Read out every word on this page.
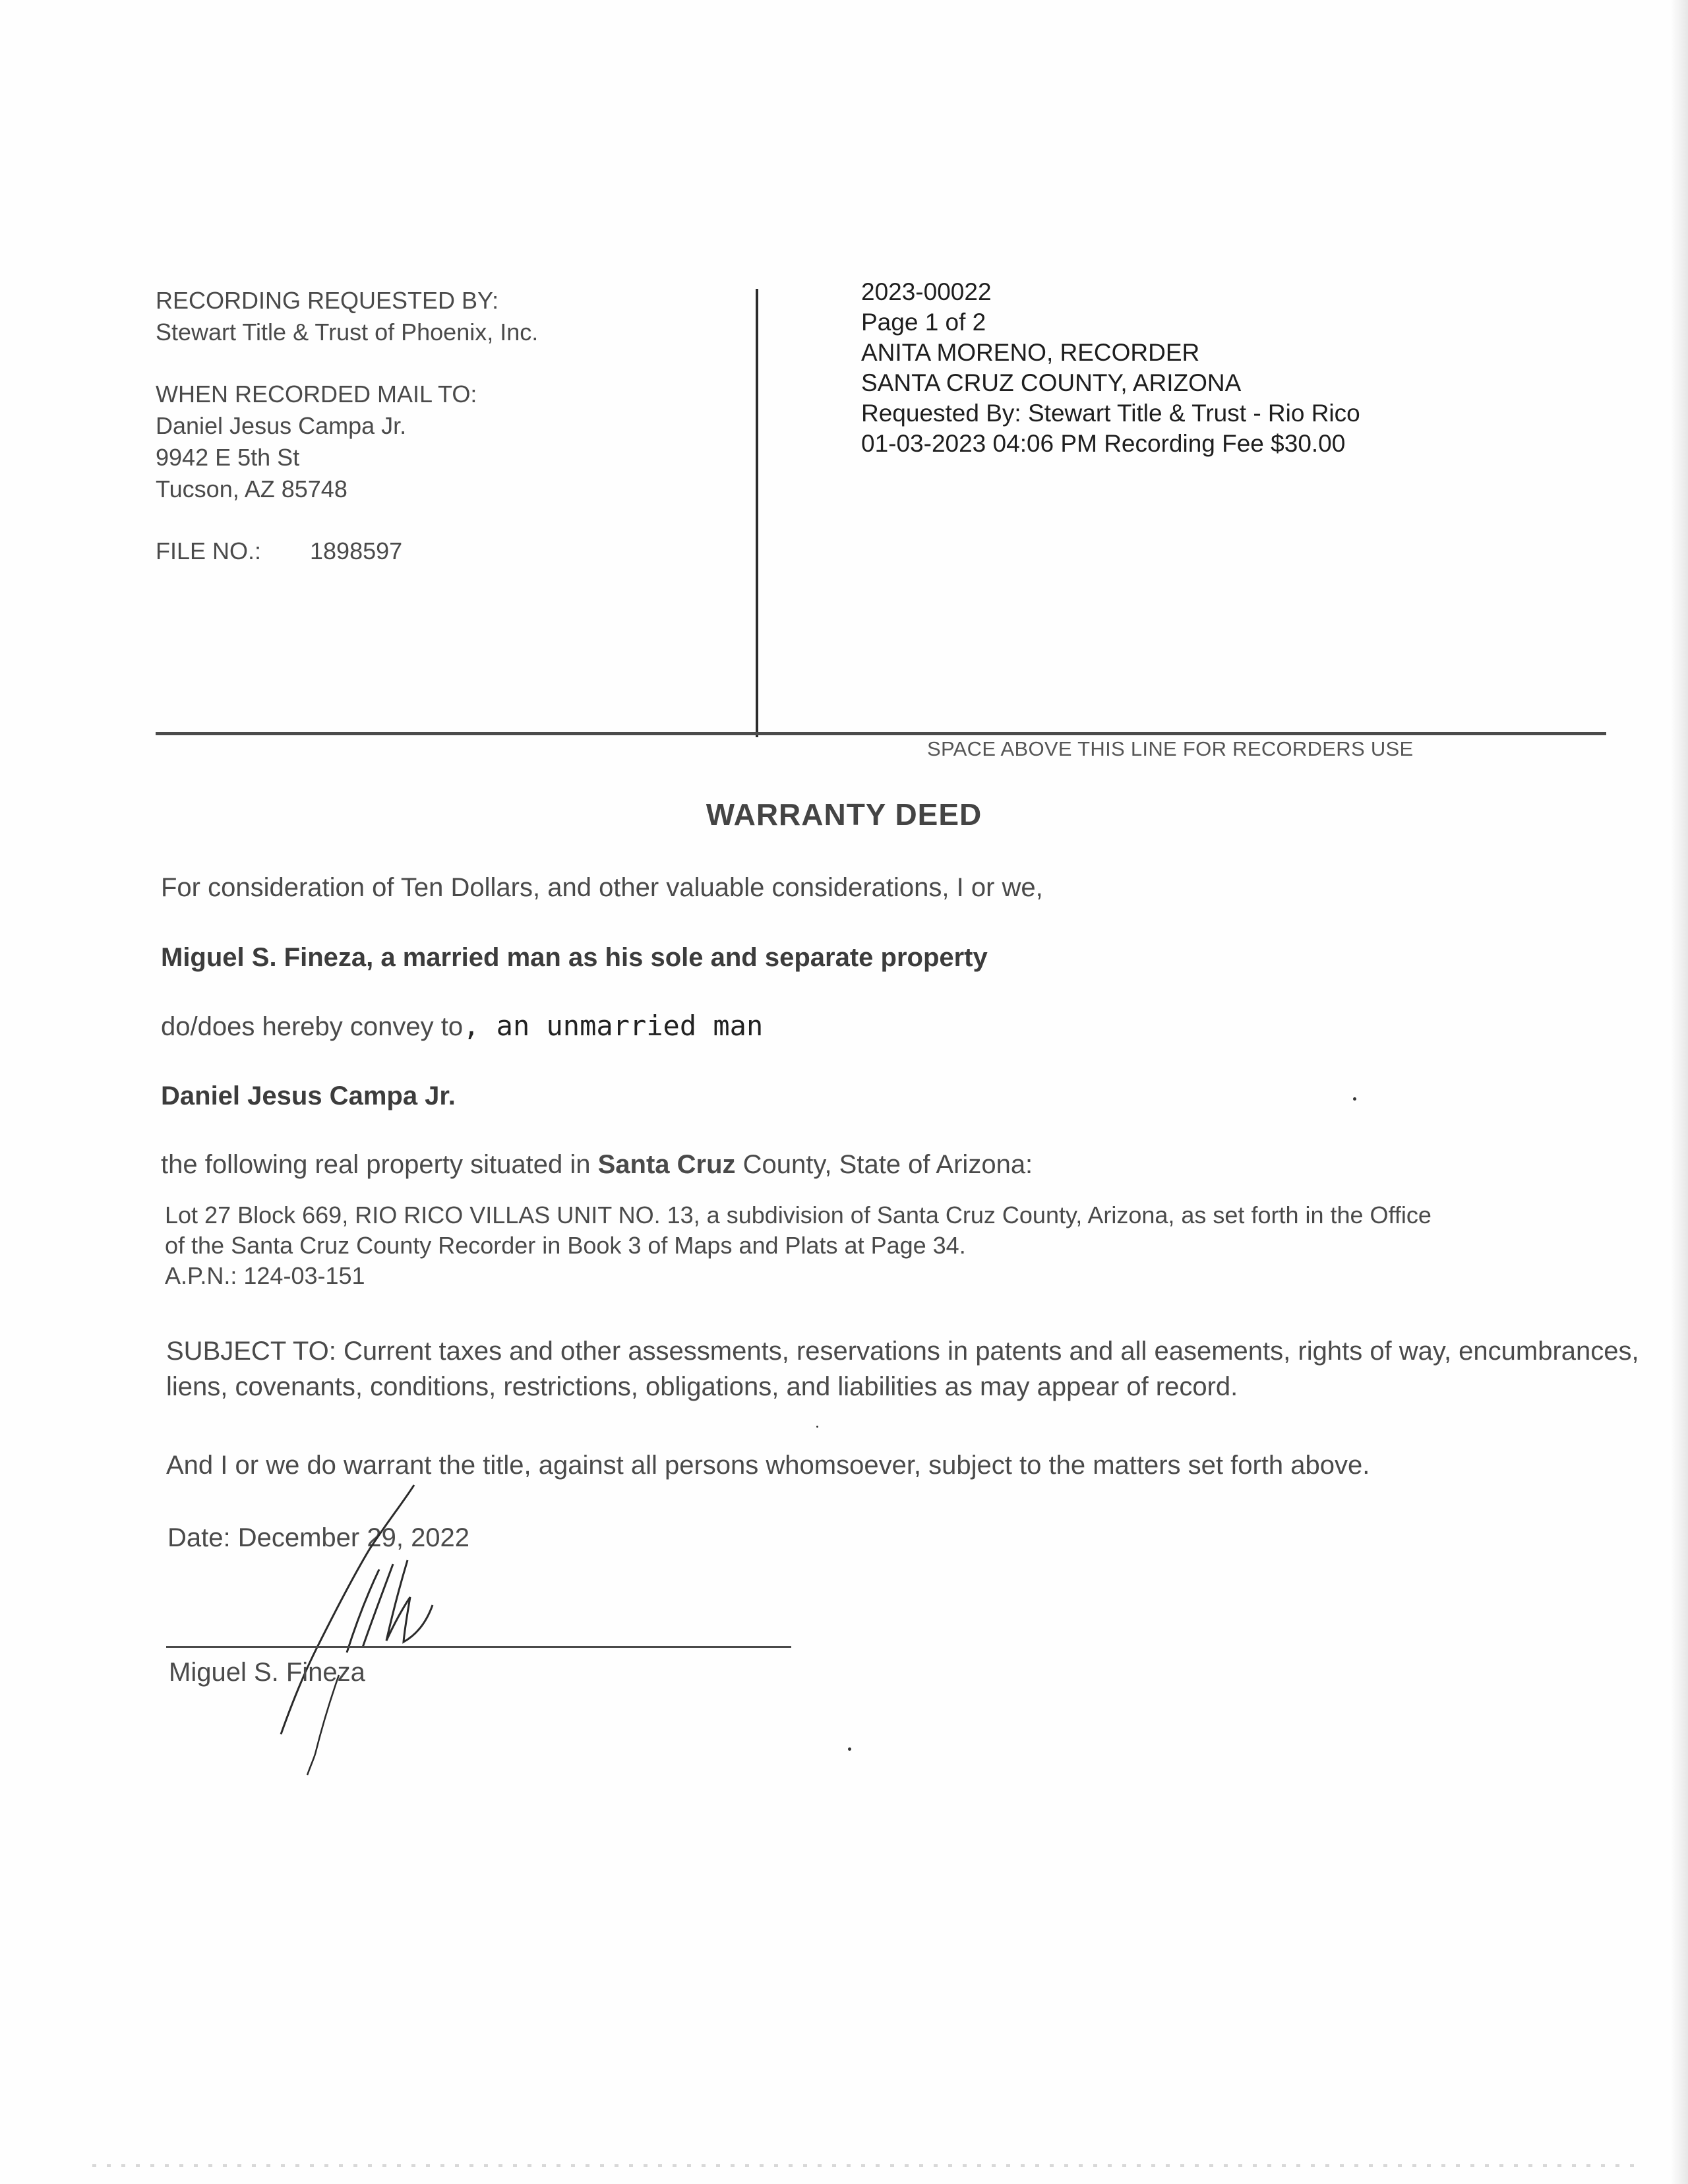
RECORDING REQUESTED BY:
Stewart Title & Trust of Phoenix, Inc.
WHEN RECORDED MAIL TO:
Daniel Jesus Campa Jr.
9942 E 5th St
Tucson, AZ 85748
FILE NO.: 1898597
2023-00022
Page 1 of 2
ANITA MORENO, RECORDER
SANTA CRUZ COUNTY, ARIZONA
Requested By: Stewart Title & Trust - Rio Rico
01-03-2023 04:06 PM Recording Fee $30.00
SPACE ABOVE THIS LINE FOR RECORDERS USE
WARRANTY DEED
For consideration of Ten Dollars, and other valuable considerations, I or we,
Miguel S. Fineza, a married man as his sole and separate property
do/does hereby convey to, an unmarried man
Daniel Jesus Campa Jr.
the following real property situated in Santa Cruz County, State of Arizona:
Lot 27 Block 669, RIO RICO VILLAS UNIT NO. 13, a subdivision of Santa Cruz County, Arizona, as set forth in the Office
of the Santa Cruz County Recorder in Book 3 of Maps and Plats at Page 34.
A.P.N.: 124-03-151
SUBJECT TO: Current taxes and other assessments, reservations in patents and all easements, rights of way, encumbrances, liens, covenants, conditions, restrictions, obligations, and liabilities as may appear of record.
And I or we do warrant the title, against all persons whomsoever, subject to the matters set forth above.
Date: December 29, 2022
Miguel S. Fineza
